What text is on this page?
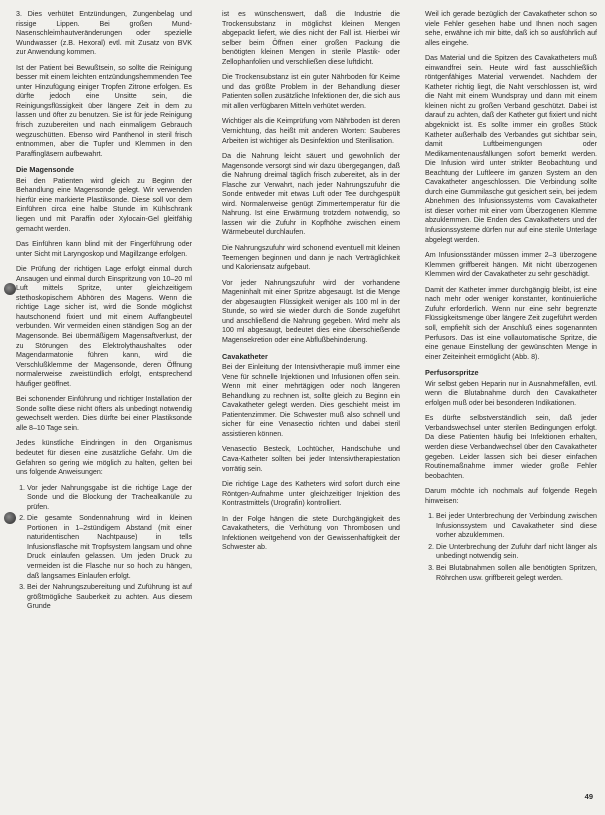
3. Dies verhütet Entzündungen, Zungenbelag und rissige Lippen. Bei großen Mund-Nasenschleimhautveränderungen oder spezielle Wundwasser (z.B. Hexoral) evtl. mit Zusatz von BVK zur Anwendung kommen.

Ist der Patient bei Bewußtsein, so sollte die Reinigung besser mit einem leichten entzündungshemmenden Tee unter Hinzufügung einiger Tropfen Zitrone erfolgen. Es dürfte jedoch eine Unsitte sein, die Reinigungsflüssigkeit über längere Zeit in dem zu lassen und öfter zu benutzen. Sie ist für jede Reinigung frisch zuzubereiten und nach einmaligem Gebrauch wegzuschütten. Ebenso wird Panthenol in steril frisch entnommen, aber die Tupfer und Klemmen in den Paraffingläsern aufbewahrt.

Die Magensonde

Bei den Patienten wird gleich zu Beginn der Behandlung eine Magensonde gelegt. Wir verwenden hierfür eine markierte Plastiksonde. Diese soll vor dem Einführen circa eine halbe Stunde im Kühlschrank liegen und mit Paraffin oder Xylocain-Gel gleitfähig gemacht werden.

Das Einführen kann blind mit der Fingerführung oder unter Sicht mit Laryngoskop und Magillzange erfolgen.

Die Prüfung der richtigen Lage erfolgt einmal durch Ansaugen und einmal durch Einspritzung von 10–20 ml Luft mittels Spritze, unter gleichzeitigem stethoskopischem Abhören des Magens. Wenn die richtige Lage sicher ist, wird die Sonde möglichst hautschonend fixiert und mit einem Auffangbeutel verbunden. Wir vermeiden einen ständigen Sog an der Magensonde. Bei übermäßigem Magensaftverlust, der zu Störungen des Elektrolythaushaltes oder Magendarmatonie führen kann, wird die Verschlußklemme der Magensonde, deren Öffnung normalerweise zweistündlich erfolgt, entsprechend häufiger geöffnet.

Bei schonender Einführung und richtiger Installation der Sonde sollte diese nicht öfters als unbedingt notwendig gewechselt werden. Dies dürfte bei einer Plastiksonde alle 8–10 Tage sein.

Jedes künstliche Eindringen in den Organismus bedeutet für diesen eine zusätzliche Gefahr. Um die Gefahren so gering wie möglich zu halten, gelten bei uns folgende Anweisungen:

1. Vor jeder Nahrungsgabe ist die richtige Lage der Sonde und die Blockung der Trachealkanüle zu prüfen.
2. Die gesamte Sondennahrung wird in kleinen Portionen in 1–2stündigem Abstand (mit einer naturidentischen Nachtpause) in tells Infusionsflasche mit Tropfsystem langsam und ohne Druck einlaufen gelassen. Um jeden Druck zu vermeiden ist die Flasche nur so hoch zu hängen, daß langsames Einlaufen erfolgt.
3. Bei der Nahrungszubereitung und Zuführung ist auf größtmögliche Sauberkeit zu achten. Aus diesem Grunde

ist es wünschenswert, daß die Industrie die Trockensubstanz in möglichst kleinen Mengen abgepackt liefert, wie dies nicht der Fall ist. Hierbei wir selber beim Öffnen einer großen Packung die benötigten kleinen Mengen in sterile Plastik- oder Zellophanfolien und verschließen diese luftdicht.

Die Trockensubstanz ist ein guter Nährboden für Keime und das größte Problem in der Behandlung dieser Patienten sollen zusätzliche Infektionen der, die sich aus mit allen verfügbaren Mitteln verhütet werden.

Wichtiger als die Keimprüfung vom Nährboden ist deren Vernichtung, das heißt mit anderen Worten: Sauberes Arbeiten ist wichtiger als Desinfektion und Sterilisation.

Da die Nahrung leicht säuert und gewohnlich der Magensonde versorgt sind wir dazu übergegangen, daß die Nahrung dreimal täglich frisch zubereitet, als in der Flasche zur Verwahrt, nach jeder Nahrungszufuhr die Sonde entweder mit etwas Luft oder Tee durchgespült wird. Normalerweise genügt Zimmertemperatur für die Nahrung. Ist eine Erwärmung trotzdem notwendig, so lassen wir die Zufuhr in Kopfhöhe zwischen einem Wärmebeutel durchlaufen.

Die Nahrungszufuhr wird schonend eventuell mit kleinen Teemengen beginnen und dann je nach Verträglichkeit und Kaloriensatz aufgebaut.

Vor jeder Nahrungszufuhr wird der vorhandene Mageninhalt mit einer Spritze abgesaugt. Ist die Menge der abgesaugten Flüssigkeit weniger als 100 ml in der Stunde, so wird sie wieder durch die Sonde zugeführt und anschließend die Nahrung gegeben. Wird mehr als 100 ml abgesaugt, bedeutet dies eine überschießende Magensekretion oder eine Abflußbehinderung.

Cavakatheter

Bei der Einleitung der Intensivtherapie muß immer eine Vene für schnelle Injektionen und Infusionen offen sein. Wenn mit einer mehrtägigen oder noch längeren Behandlung zu rechnen ist, sollte gleich zu Beginn ein Cavakatheter gelegt werden. Dies geschieht meist im Patientenzimmer. Die Schwester muß also schnell und sicher für eine Venasectio richten und dabei steril assistieren können.

Venasectio Besteck, Lochtücher, Handschuhe und Cava-Katheter sollten bei jeder Intensivtherapiestation vorrätig sein.

Die richtige Lage des Katheters wird sofort durch eine Röntgen-Aufnahme unter gleichzeitiger Injektion des Kontrastmittels (Urografin) kontrolliert.

In der Folge hängen die stete Durchgängigkeit des Cavakatheters, die Verhütung von Thrombosen und Infektionen weitgehend von der Gewissenhaftigkeit der Schwester ab.

Weil ich gerade bezüglich der Cavakatheter schon so viele Fehler gesehen habe und Ihnen noch sagen sehe, erwähne ich mir bitte, daß ich so ausführlich auf alles eingehe.

Das Material und die Spitzen des Cavakatheters muß einwandfrei sein. Heute wird fast ausschließlich röntgenfähiges Material verwendet. Nachdem der Katheter richtig liegt, die Naht verschlossen ist, wird die Naht mit einem Wundspray und dann mit einem kleinen nicht zu großen Verband geschützt. Dabei ist darauf zu achten, daß der Katheter gut fixiert und nicht abgeknickt ist. Es sollte immer ein großes Stück Katheter außerhalb des Verbandes gut sichtbar sein, damit Luftbeimengungen oder Medikamentenausfällungen sofort bemerkt werden. Die Infusion wird unter strikter Beobachtung und Beachtung der Luftleere im ganzen System an den Cavakatheter angeschlossen. Die Verbindung sollte durch eine Gummilasche gut gesichert sein, bei jedem Abnehmen des Infusionssystems vom Cavakatheter ist dieser vorher mit einer vom Überzogenen Klemme abzuklemmen. Die Enden des Cavakatheters und der Infusionssysteme dürfen nur auf eine sterile Unterlage abgelegt werden.

Am Infusionsständer müssen immer 2–3 überzogene Klemmen griffbereit hängen. Mit nicht überzogenen Klemmen wird der Cavakatheter zu sehr geschädigt.

Damit der Katheter immer durchgängig bleibt, ist eine nach mehr oder weniger konstanter, kontinuierliche Zufuhr erforderlich. Wenn nur eine sehr begrenzte Flüssigkeitsmenge über längere Zeit zugeführt werden soll, empfiehlt sich der Anschluß eines sogenannten Perfusors. Das ist eine vollautomatische Spritze, die eine genaue Einstellung der gewünschten Menge in einer Zeiteinheit ermöglicht (Abb. 8).

Perfusorspritze

Wir selbst geben Heparin nur in Ausnahmefällen, evtl. wenn die Blutabnahme durch den Cavakatheter erfolgen muß oder bei besonderen Indikationen.

Es dürfte selbstverständlich sein, daß jeder Verbandswechsel unter sterilen Bedingungen erfolgt. Da diese Patienten häufig bei Infektionen erhalten, werden diese Verbandwechsel über den Cavakatheter gegeben. Leider lassen sich bei dieser einfachen Routinemaßnahme immer wieder große Fehler beobachten.

Darum möchte ich nochmals auf folgende Regeln hinweisen:

1. Bei jeder Unterbrechung der Verbindung zwischen Infusionssystem und Cavakatheter sind diese vorher abzuklemmen.
2. Die Unterbrechung der Zufuhr darf nicht länger als unbedingt notwendig sein.
3. Bei Blutabnahmen sollen alle benötigten Spritzen, Röhrchen usw. griffbereit gelegt werden.
49
